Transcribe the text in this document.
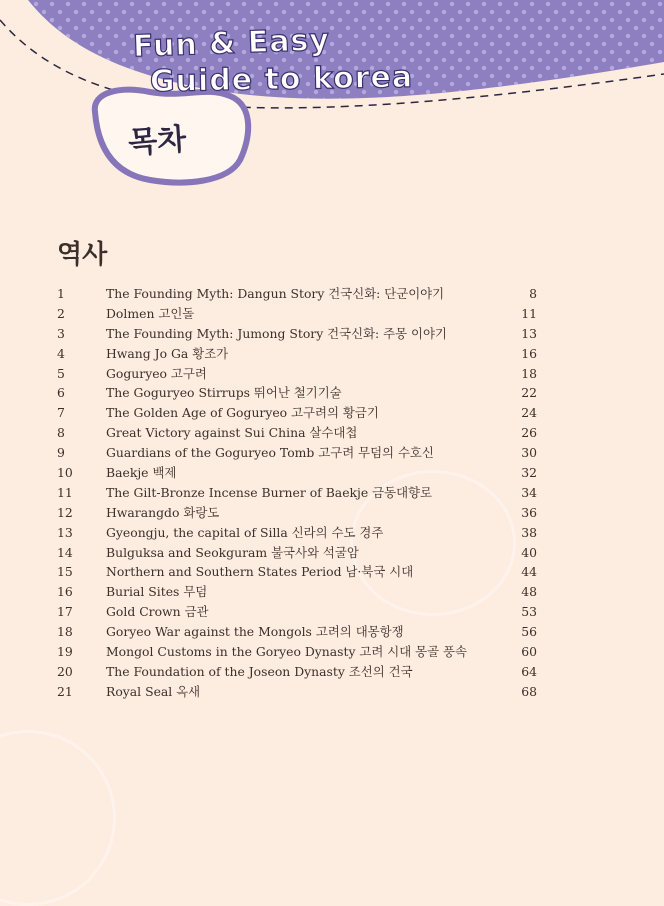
Fun & Easy
Guide to korea
목차
역사
1	The Founding Myth: Dangun Story 건국신화: 단군이야기	8
2	Dolmen 고인돌	11
3	The Founding Myth: Jumong Story 건국신화: 주몽 이야기	13
4	Hwang Jo Ga 황조가	16
5	Goguryeo 고구려	18
6	The Goguryeo Stirrups 뛰어난 철기기술	22
7	The Golden Age of Goguryeo 고구려의 황금기	24
8	Great Victory against Sui China 살수대첩	26
9	Guardians of the Goguryeo Tomb 고구려 무덤의 수호신	30
10	Baekje 백제	32
11	The Gilt-Bronze Incense Burner of Baekje 금동대향로	34
12	Hwarangdo 화랑도	36
13	Gyeongju, the capital of Silla 신라의 수도 경주	38
14	Bulguksa and Seokguram 불국사와 석굴암	40
15	Northern and Southern States Period 남·북국 시대	44
16	Burial Sites 무덤	48
17	Gold Crown 금관	53
18	Goryeo War against the Mongols 고려의 대몽항쟁	56
19	Mongol Customs in the Goryeo Dynasty 고려 시대 몽골 풍속	60
20	The Foundation of the Joseon Dynasty 조선의 건국	64
21	Royal Seal 옥새	68
